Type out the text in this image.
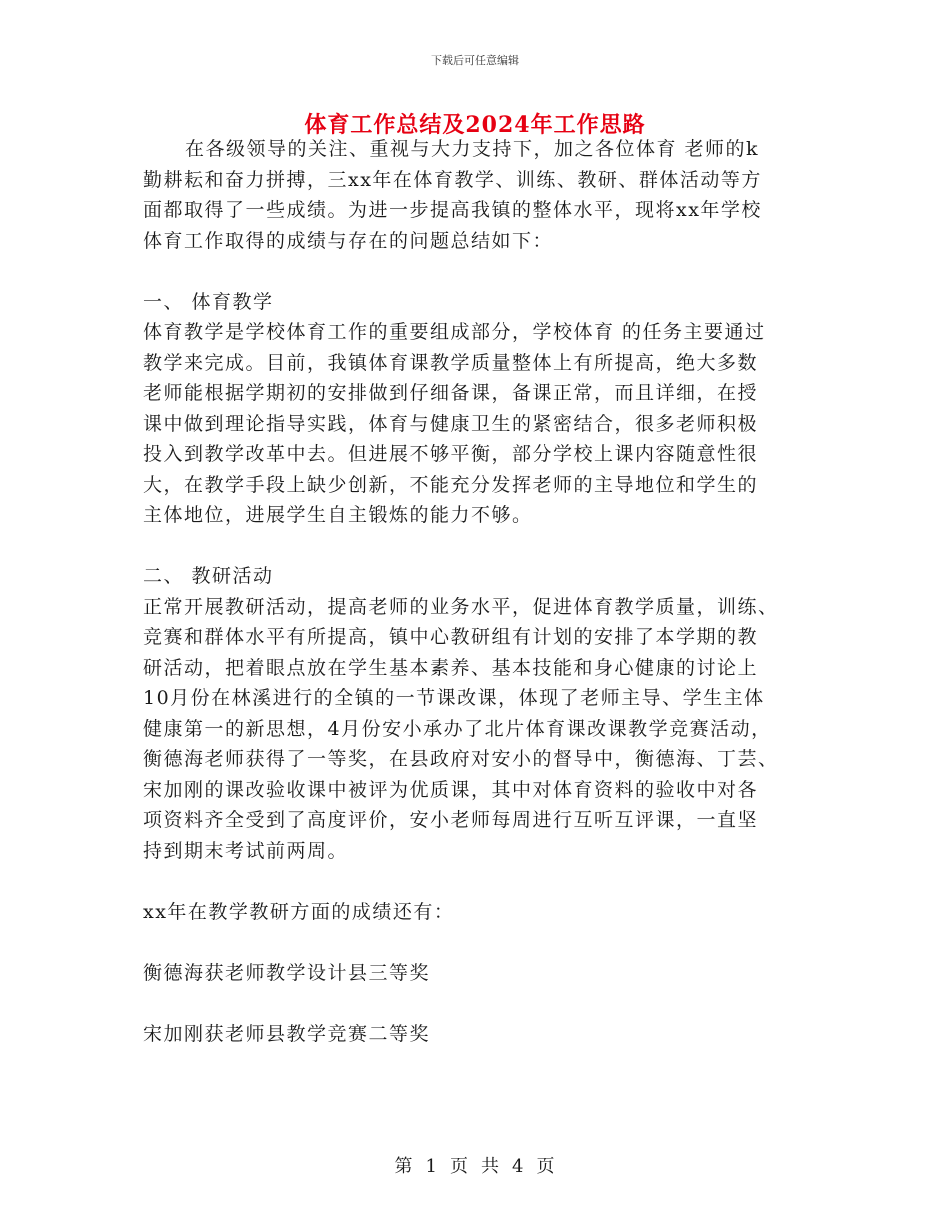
下载后可任意编辑
体育工作总结及2024年工作思路
在各级领导的关注、重视与大力支持下，加之各位体育 老师的k
勤耕耘和奋力拼搏，三xx年在体育教学、训练、教研、群体活动等方
面都取得了一些成绩。为进一步提高我镇的整体水平，现将xx年学校
体育工作取得的成绩与存在的问题总结如下：
一、 体育教学
体育教学是学校体育工作的重要组成部分，学校体育 的任务主要通过
教学来完成。目前，我镇体育课教学质量整体上有所提高，绝大多数
老师能根据学期初的安排做到仔细备课，备课正常，而且详细，在授
课中做到理论指导实践，体育与健康卫生的紧密结合，很多老师积极
投入到教学改革中去。但进展不够平衡，部分学校上课内容随意性很
大，在教学手段上缺少创新，不能充分发挥老师的主导地位和学生的
主体地位，进展学生自主锻炼的能力不够。
二、 教研活动
正常开展教研活动，提高老师的业务水平，促进体育教学质量，训练、
竞赛和群体水平有所提高，镇中心教研组有计划的安排了本学期的教
研活动，把着眼点放在学生基本素养、基本技能和身心健康的讨论上
10月份在林溪进行的全镇的一节课改课，体现了老师主导、学生主体
健康第一的新思想，4月份安小承办了北片体育课改课教学竞赛活动，
衡德海老师获得了一等奖，在县政府对安小的督导中，衡德海、丁芸、
宋加刚的课改验收课中被评为优质课，其中对体育资料的验收中对各
项资料齐全受到了高度评价，安小老师每周进行互听互评课，一直坚
持到期末考试前两周。
xx年在教学教研方面的成绩还有：
衡德海获老师教学设计县三等奖
宋加刚获老师县教学竞赛二等奖
第 1 页 共 4 页
